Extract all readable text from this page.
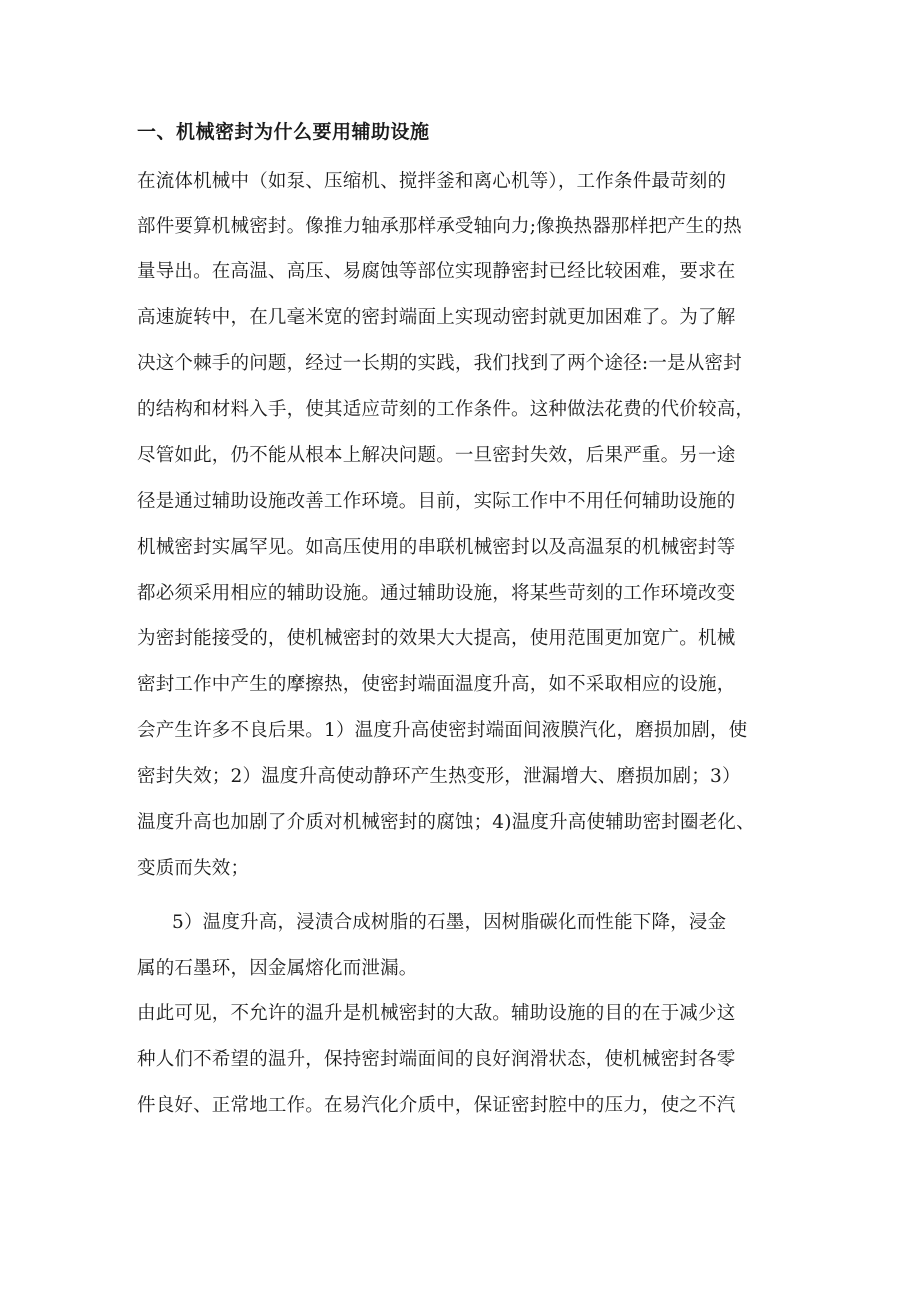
一、机械密封为什么要用辅助设施
在流体机械中（如泵、压缩机、搅拌釜和离心机等），工作条件最苛刻的
部件要算机械密封。像推力轴承那样承受轴向力;像换热器那样把产生的热
量导出。在高温、高压、易腐蚀等部位实现静密封已经比较困难，要求在
高速旋转中，在几毫米宽的密封端面上实现动密封就更加困难了。为了解
决这个棘手的问题，经过一长期的实践，我们找到了两个途径:一是从密封
的结构和材料入手，使其适应苛刻的工作条件。这种做法花费的代价较高，
尽管如此，仍不能从根本上解决问题。一旦密封失效，后果严重。另一途
径是通过辅助设施改善工作环境。目前，实际工作中不用任何辅助设施的
机械密封实属罕见。如高压使用的串联机械密封以及高温泵的机械密封等
都必须采用相应的辅助设施。通过辅助设施，将某些苛刻的工作环境改变
为密封能接受的，使机械密封的效果大大提高，使用范围更加宽广。机械
密封工作中产生的摩擦热，使密封端面温度升高，如不采取相应的设施，
会产生许多不良后果。1）温度升高使密封端面间液膜汽化，磨损加剧，使
密封失效；2）温度升高使动静环产生热变形，泄漏增大、磨损加剧；3）
温度升高也加剧了介质对机械密封的腐蚀；4)温度升高使辅助密封圈老化、
变质而失效；
5）温度升高，浸渍合成树脂的石墨，因树脂碳化而性能下降，浸金
属的石墨环，因金属熔化而泄漏。
由此可见，不允许的温升是机械密封的大敌。辅助设施的目的在于减少这
种人们不希望的温升，保持密封端面间的良好润滑状态，使机械密封各零
件良好、正常地工作。在易汽化介质中，保证密封腔中的压力，使之不汽
